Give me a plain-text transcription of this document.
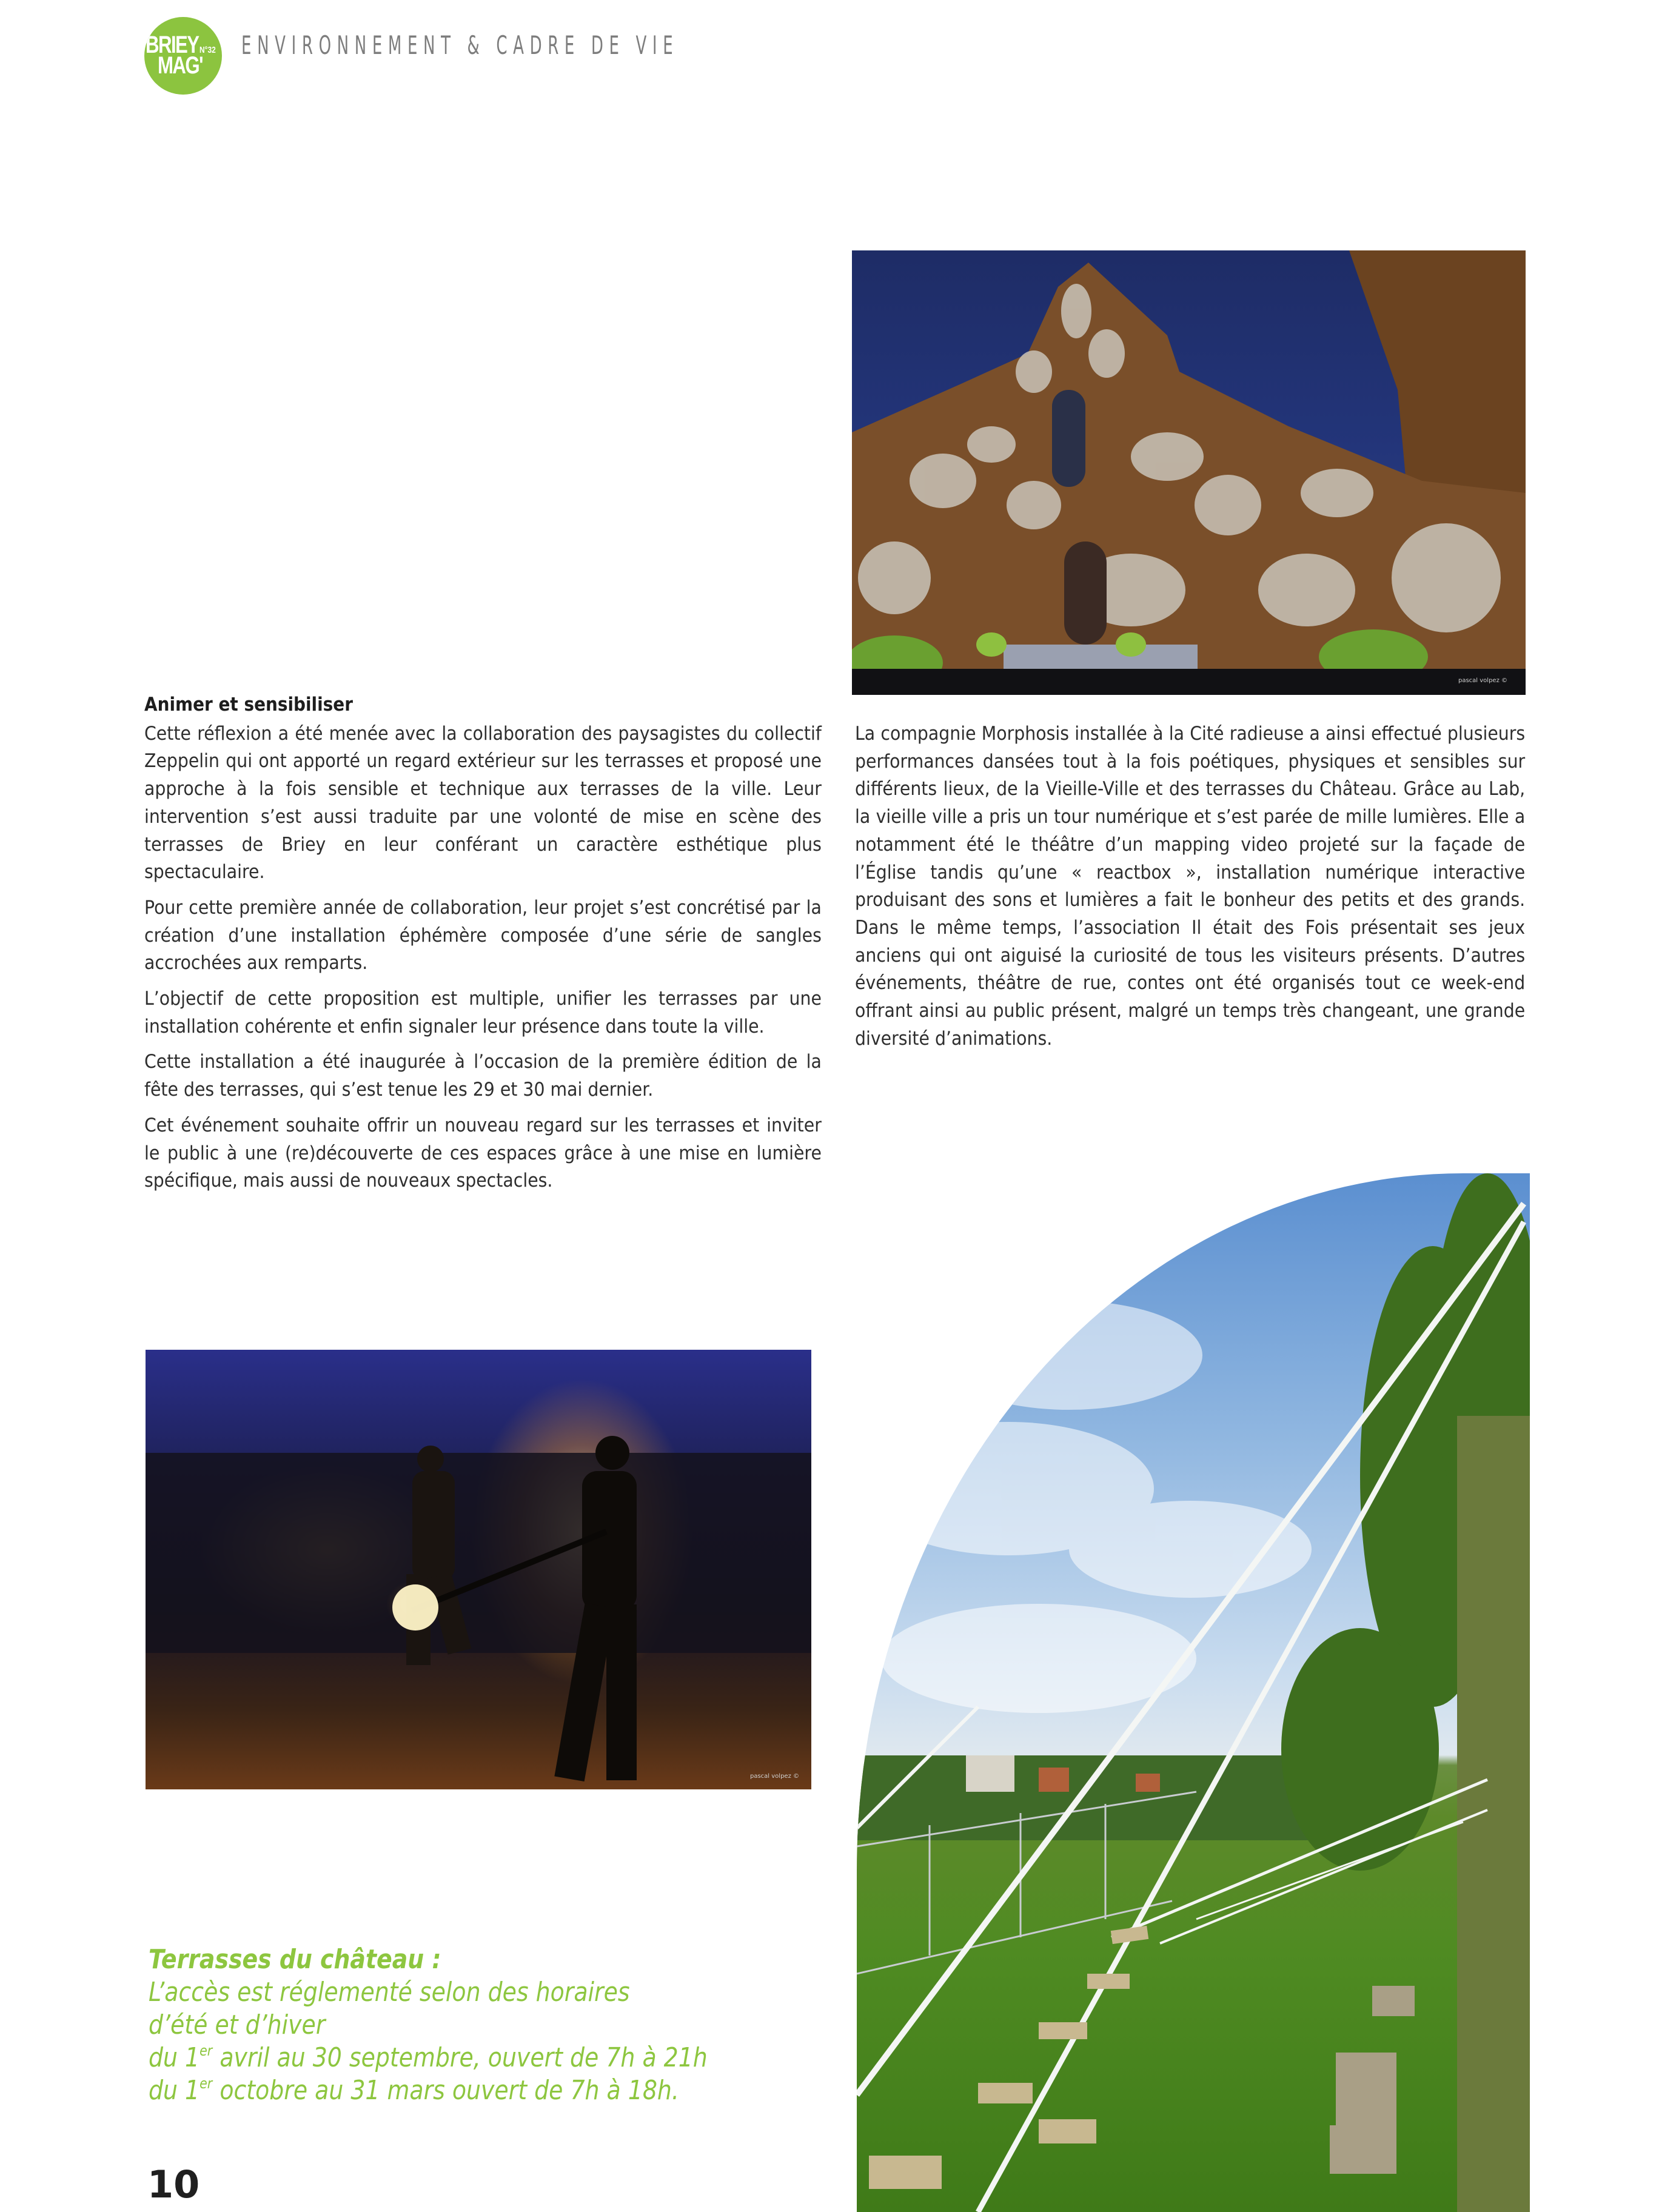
BRIEY
MAG'
N°32 ENVIRONNEMENT & CADRE DE VIE
pascal volpez ©
Animer et sensibiliser

Cette réflexion a été menée avec la collaboration des paysagistes du collectif Zeppelin qui ont apporté un regard extérieur sur les terrasses et proposé une approche à la fois sensible et technique aux terrasses de la ville. Leur intervention s’est aussi traduite par une volonté de mise en scène des terrasses de Briey en leur conférant un caractère esthétique plus spectaculaire.

Pour cette première année de collaboration, leur projet s’est concrétisé par la création d’une installation éphémère composée d’une série de sangles accrochées aux remparts.

L’objectif de cette proposition est multiple, unifier les terrasses par une installation cohérente et enfin signaler leur présence dans toute la ville.

Cette installation a été inaugurée à l’occasion de la première édition de la fête des terrasses, qui s’est tenue les 29 et 30 mai dernier.

Cet événement souhaite offrir un nouveau regard sur les terrasses et inviter le public à une (re)découverte de ces espaces grâce à une mise en lumière spécifique, mais aussi de nouveaux spectacles.

La compagnie Morphosis installée à la Cité radieuse a ainsi effectué plusieurs performances dansées tout à la fois poétiques, physiques et sensibles sur différents lieux, de la Vieille-Ville et des terrasses du Château. Grâce au Lab, la vieille ville a pris un tour numérique et s’est parée de mille lumières. Elle a notamment été le théâtre d’un mapping video projeté sur la façade de l’Église tandis qu’une « reactbox », installation numérique interactive produisant des sons et lumières a fait le bonheur des petits et des grands. Dans le même temps, l’association Il était des Fois présentait ses jeux anciens qui ont aiguisé la curiosité de tous les visiteurs présents. D’autres événements, théâtre de rue, contes ont été organisés tout ce week-end offrant ainsi au public présent, malgré un temps très changeant, une grande diversité d’animations.

pascal volpez ©
Terrasses du château :
L’accès est réglementé selon des horaires
d’été et d’hiver
du 1er avril au 30 septembre, ouvert de 7h à 21h
du 1er octobre au 31 mars ouvert de 7h à 18h.
10
